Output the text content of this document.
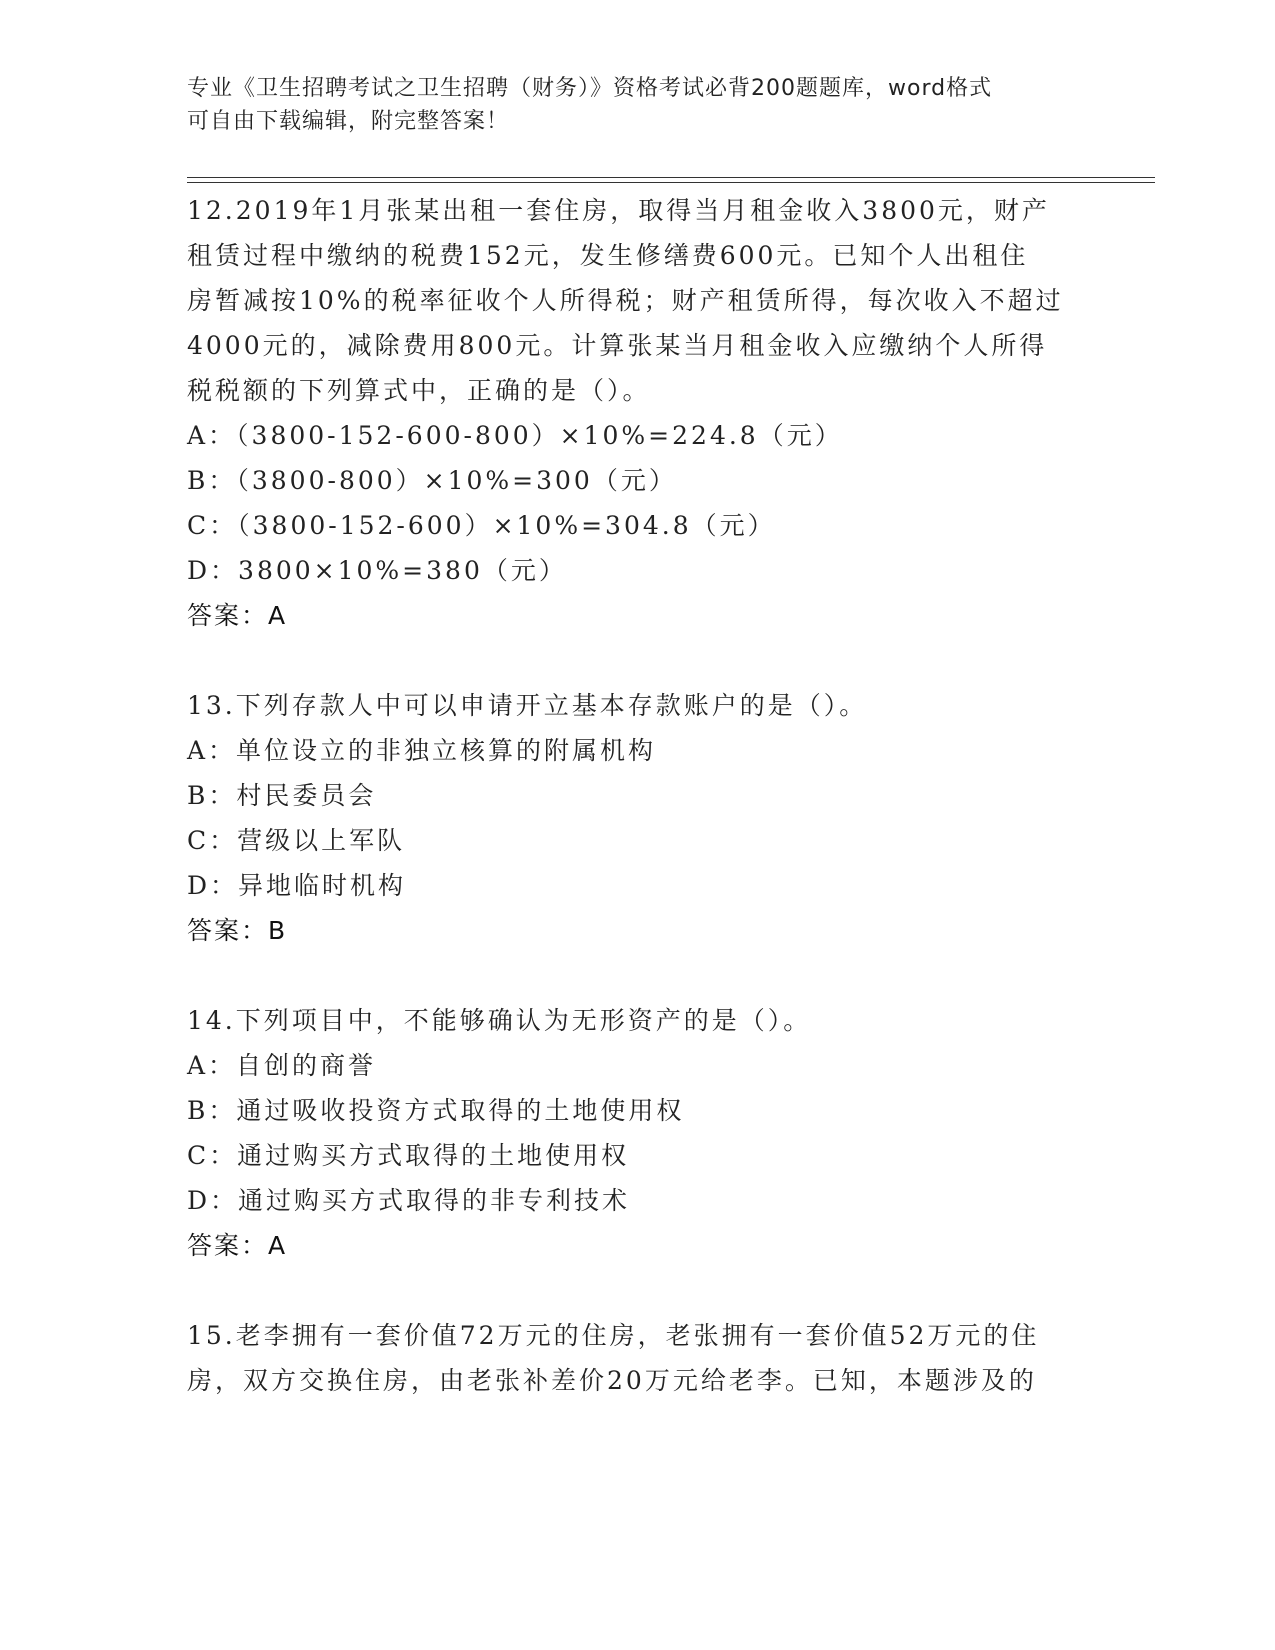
专业《卫生招聘考试之卫生招聘（财务）》资格考试必背200题题库，word格式
可自由下载编辑，附完整答案！
12.2019年1月张某出租一套住房，取得当月租金收入3800元，财产
租赁过程中缴纳的税费152元，发生修缮费600元。已知个人出租住
房暂减按10%的税率征收个人所得税；财产租赁所得，每次收入不超过
4000元的，减除费用800元。计算张某当月租金收入应缴纳个人所得
税税额的下列算式中，正确的是（）。
A：（3800-152-600-800）×10%=224.8（元）
B：（3800-800）×10%=300（元）
C：（3800-152-600）×10%=304.8（元）
D：3800×10%=380（元）
答案：A
13.下列存款人中可以申请开立基本存款账户的是（）。
A：单位设立的非独立核算的附属机构
B：村民委员会
C：营级以上军队
D：异地临时机构
答案：B
14.下列项目中，不能够确认为无形资产的是（）。
A：自创的商誉
B：通过吸收投资方式取得的土地使用权
C：通过购买方式取得的土地使用权
D：通过购买方式取得的非专利技术
答案：A
15.老李拥有一套价值72万元的住房，老张拥有一套价值52万元的住
房，双方交换住房，由老张补差价20万元给老李。已知，本题涉及的
